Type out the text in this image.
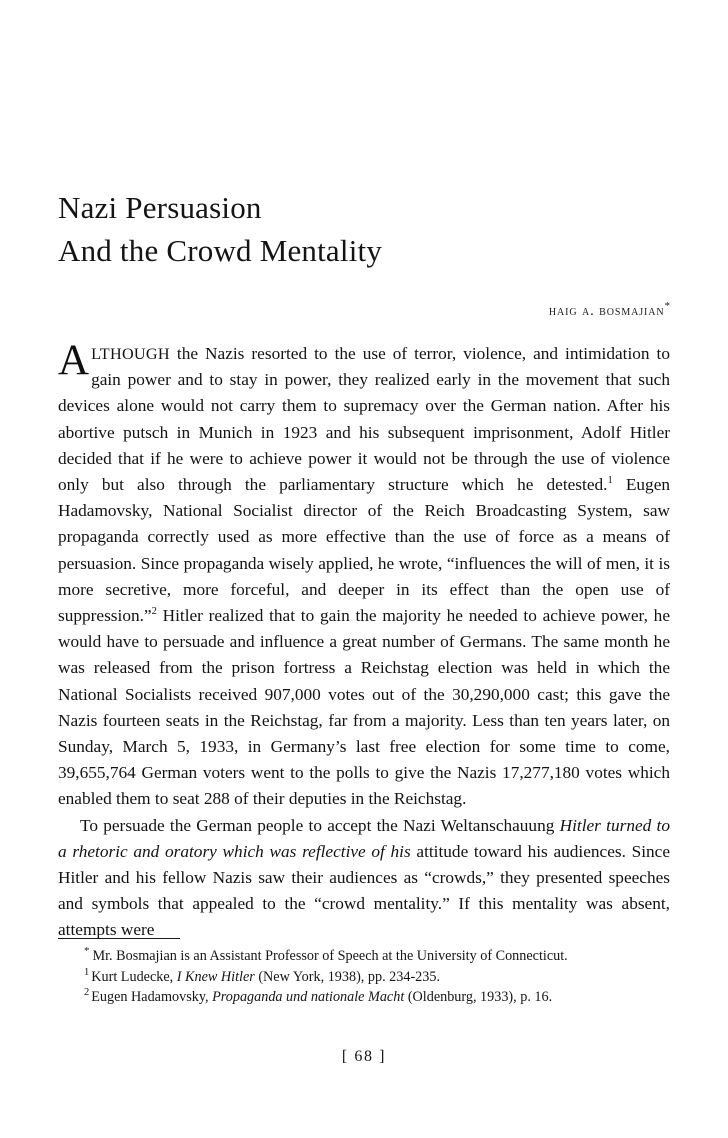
Nazi Persuasion
And the Crowd Mentality
haig a. bosmajian*

ALTHOUGH the Nazis resorted to the use of terror, violence, and intimidation to gain power and to stay in power, they realized early in the movement that such devices alone would not carry them to supremacy over the German nation. After his abortive putsch in Munich in 1923 and his subsequent imprisonment, Adolf Hitler decided that if he were to achieve power it would not be through the use of violence only but also through the parliamentary structure which he detested.$^1$ Eugen Hadamovsky, National Socialist director of the Reich Broadcasting System, saw propaganda correctly used as more effective than the use of force as a means of persuasion. Since propaganda wisely applied, he wrote, “influences the will of men, it is more secretive, more forceful, and deeper in its effect than the open use of suppression.”$^2$ Hitler realized that to gain the majority he needed to achieve power, he would have to persuade and influence a great number of Germans. The same month he was released from the prison fortress a Reichstag election was held in which the National Socialists received 907,000 votes out of the 30,290,000 cast; this gave the Nazis fourteen seats in the Reichstag, far from a majority. Less than ten years later, on Sunday, March 5, 1933, in Germany’s last free election for some time to come, 39,655,764 German voters went to the polls to give the Nazis 17,277,180 votes which enabled them to seat 288 of their deputies in the Reichstag.

To persuade the German people to accept the Nazi Weltanschauung Hitler turned to a rhetoric and oratory which was reflective of his attitude toward his audiences. Since Hitler and his fellow Nazis saw their audiences as “crowds,” they presented speeches and symbols that appealed to the “crowd mentality.” If this mentality was absent, attempts were

* Mr. Bosmajian is an Assistant Professor of Speech at the University of Connecticut.

$^1$ Kurt Ludecke, I Knew Hitler (New York, 1938), pp. 234-235.

$^2$ Eugen Hadamovsky, Propaganda und nationale Macht (Oldenburg, 1933), p. 16.

[ 68 ]
